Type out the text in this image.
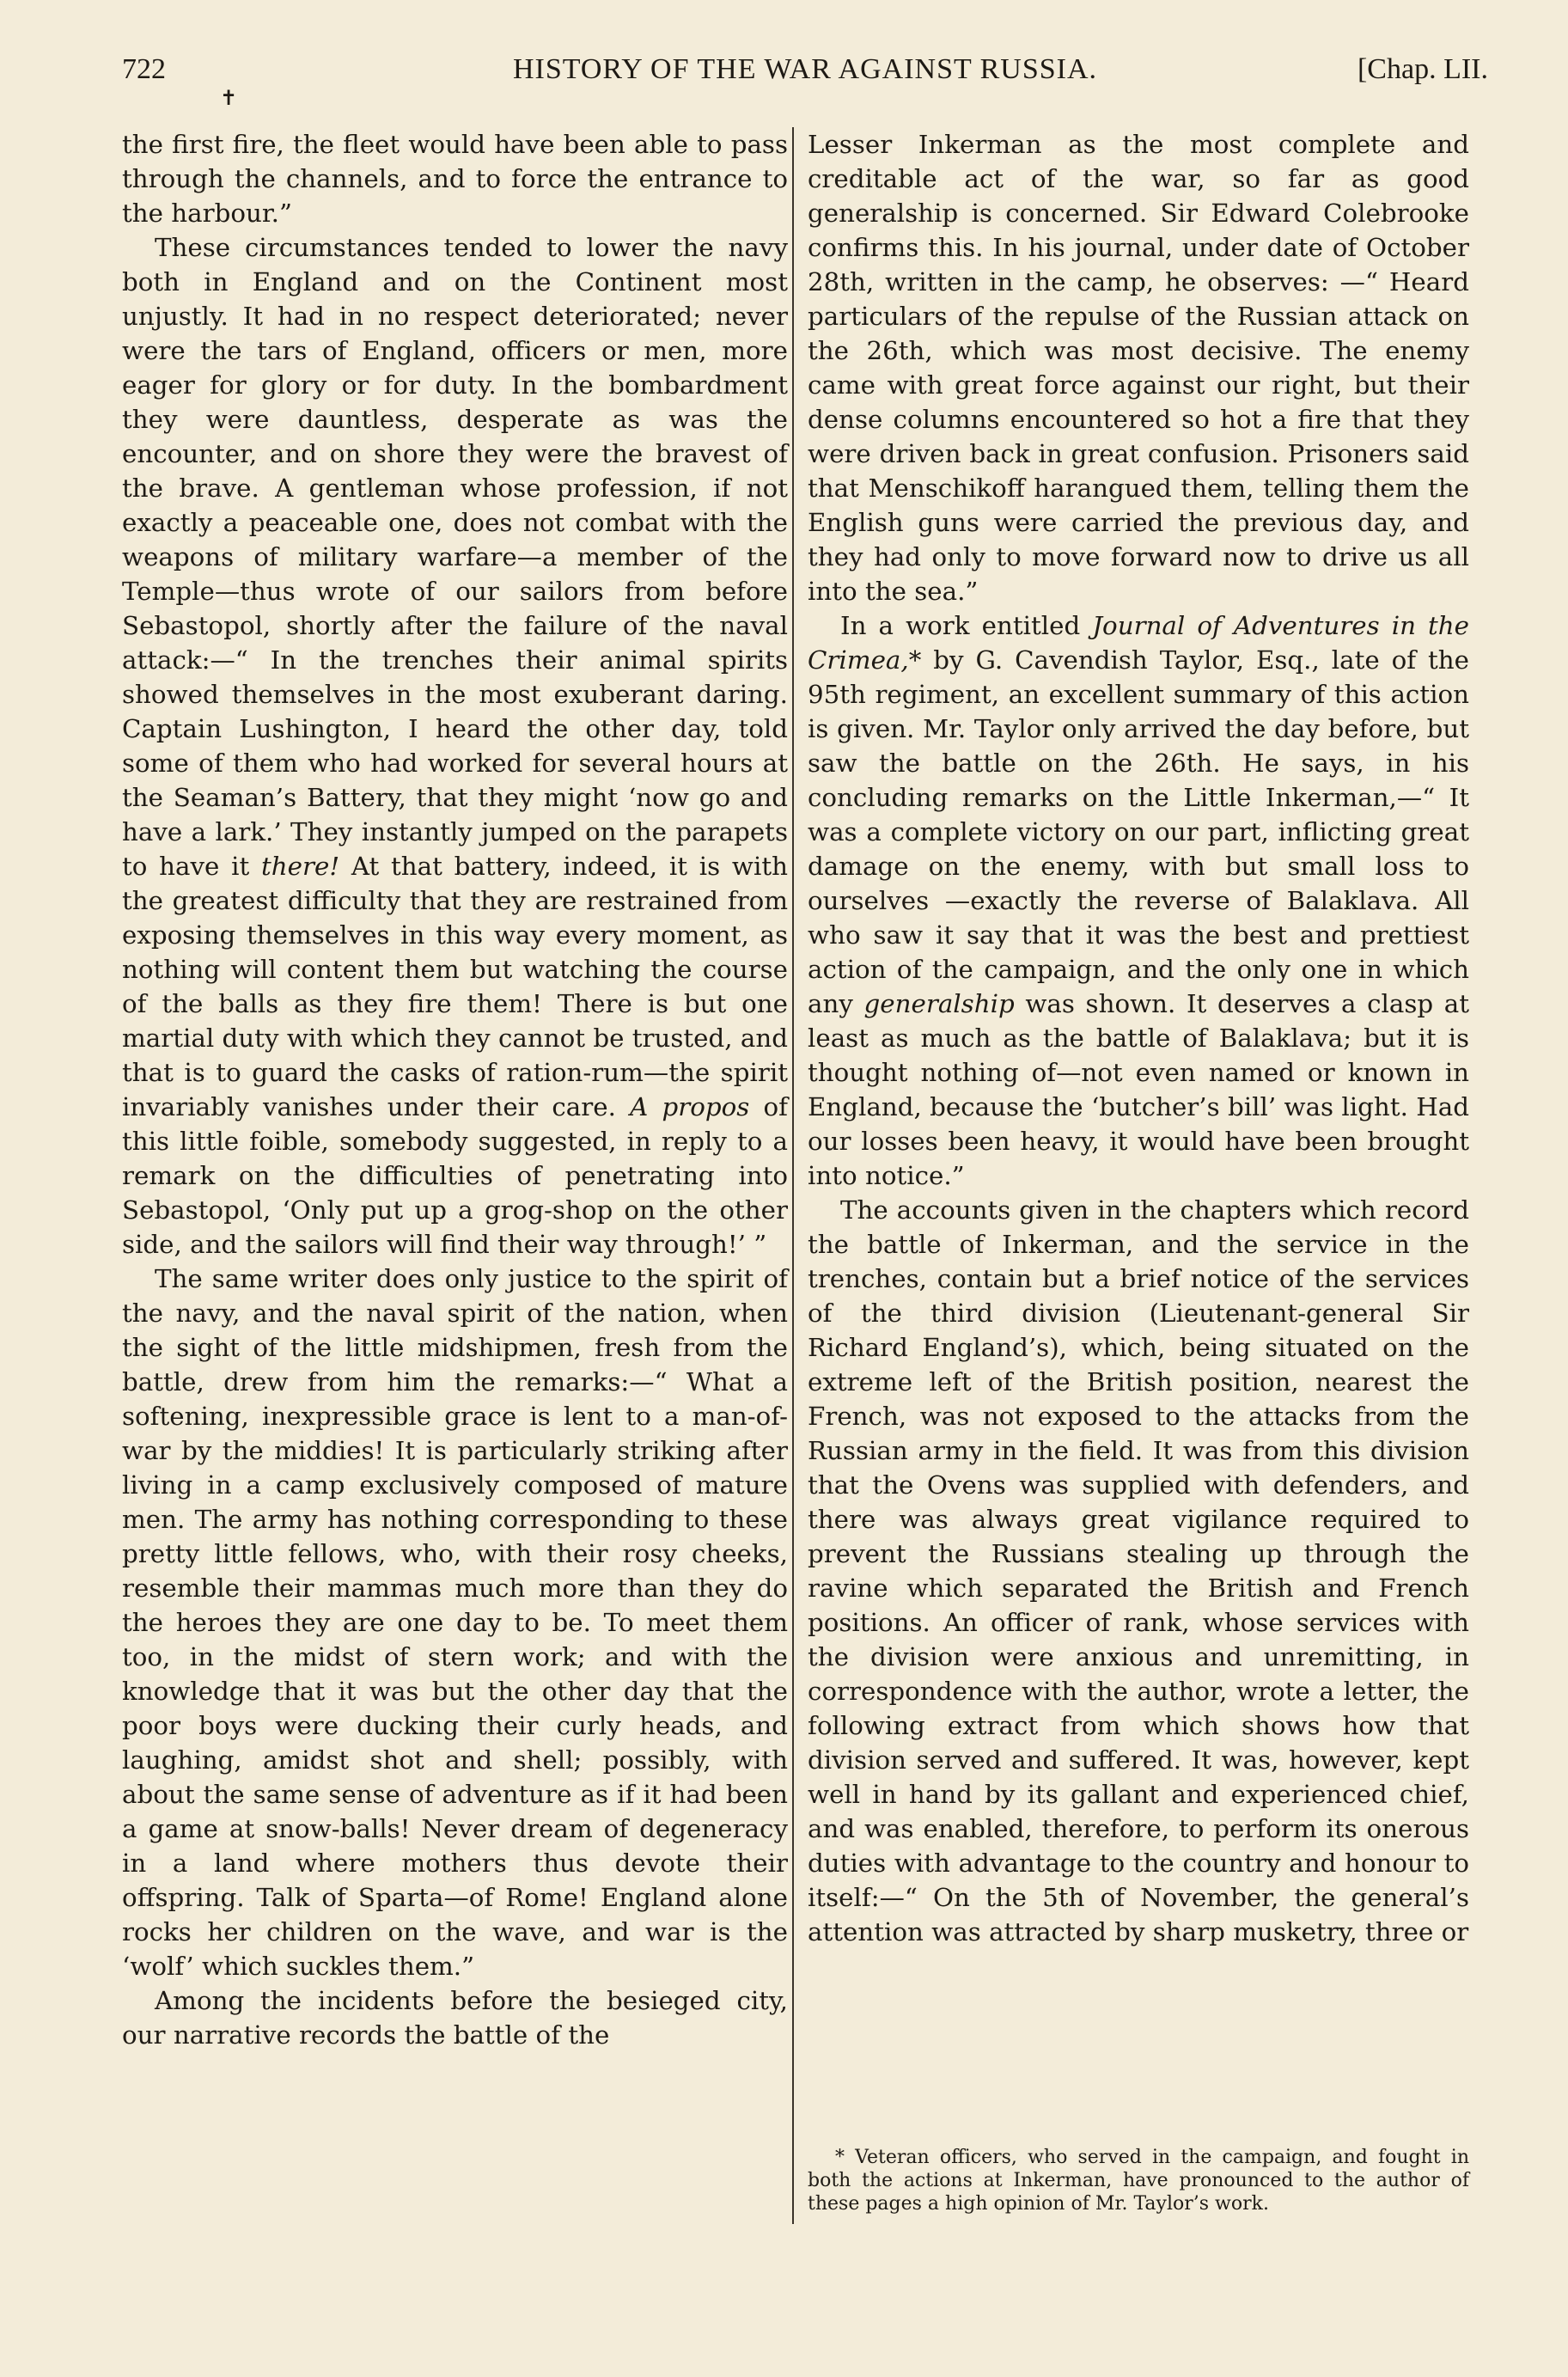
722
✝
HISTORY OF THE WAR AGAINST RUSSIA.	[Chap. LII.

the first fire, the fleet would have been able to pass through the channels, and to force the entrance to the harbour.”

These circumstances tended to lower the navy both in England and on the Continent most unjustly. It had in no respect deteriorated; never were the tars of England, officers or men, more eager for glory or for duty. In the bombardment they were dauntless, desperate as was the encounter, and on shore they were the bravest of the brave. A gentleman whose profession, if not exactly a peaceable one, does not combat with the weapons of military warfare—a member of the Temple—thus wrote of our sailors from before Sebastopol, shortly after the failure of the naval attack:—“ In the trenches their animal spirits showed themselves in the most exuberant daring. Captain Lushington, I heard the other day, told some of them who had worked for several hours at the Seaman’s Battery, that they might ‘now go and have a lark.’ They instantly jumped on the parapets to have it there! At that battery, indeed, it is with the greatest difficulty that they are restrained from exposing themselves in this way every moment, as nothing will content them but watching the course of the balls as they fire them! There is but one martial duty with which they cannot be trusted, and that is to guard the casks of ration-rum—the spirit invariably vanishes under their care. A propos of this little foible, somebody suggested, in reply to a remark on the difficulties of penetrating into Sebastopol, ‘Only put up a grog-shop on the other side, and the sailors will find their way through!’ ”

The same writer does only justice to the spirit of the navy, and the naval spirit of the nation, when the sight of the little midshipmen, fresh from the battle, drew from him the remarks:—“ What a softening, inexpressible grace is lent to a man-of-war by the middies! It is particularly striking after living in a camp exclusively composed of mature men. The army has nothing corresponding to these pretty little fellows, who, with their rosy cheeks, resemble their mammas much more than they do the heroes they are one day to be. To meet them too, in the midst of stern work; and with the knowledge that it was but the other day that the poor boys were ducking their curly heads, and laughing, amidst shot and shell; possibly, with about the same sense of adventure as if it had been a game at snow-balls! Never dream of degeneracy in a land where mothers thus devote their offspring. Talk of Sparta—of Rome! England alone rocks her children on the wave, and war is the ‘wolf’ which suckles them.”

Among the incidents before the besieged city, our narrative records the battle of the

Lesser Inkerman as the most complete and creditable act of the war, so far as good generalship is concerned. Sir Edward Colebrooke confirms this. In his journal, under date of October 28th, written in the camp, he observes: —“ Heard particulars of the repulse of the Russian attack on the 26th, which was most decisive. The enemy came with great force against our right, but their dense columns encountered so hot a fire that they were driven back in great confusion. Prisoners said that Menschikoff harangued them, telling them the English guns were carried the previous day, and they had only to move forward now to drive us all into the sea.”

In a work entitled Journal of Adventures in the Crimea,* by G. Cavendish Taylor, Esq., late of the 95th regiment, an excellent summary of this action is given. Mr. Taylor only arrived the day before, but saw the battle on the 26th. He says, in his concluding remarks on the Little Inkerman,—“ It was a complete victory on our part, inflicting great damage on the enemy, with but small loss to ourselves —exactly the reverse of Balaklava. All who saw it say that it was the best and prettiest action of the campaign, and the only one in which any generalship was shown. It deserves a clasp at least as much as the battle of Balaklava; but it is thought nothing of—not even named or known in England, because the ‘butcher’s bill’ was light. Had our losses been heavy, it would have been brought into notice.”

The accounts given in the chapters which record the battle of Inkerman, and the service in the trenches, contain but a brief notice of the services of the third division (Lieutenant-general Sir Richard England’s), which, being situated on the extreme left of the British position, nearest the French, was not exposed to the attacks from the Russian army in the field. It was from this division that the Ovens was supplied with defenders, and there was always great vigilance required to prevent the Russians stealing up through the ravine which separated the British and French positions. An officer of rank, whose services with the division were anxious and unremitting, in correspondence with the author, wrote a letter, the following extract from which shows how that division served and suffered. It was, however, kept well in hand by its gallant and experienced chief, and was enabled, therefore, to perform its onerous duties with advantage to the country and honour to itself:—“ On the 5th of November, the general’s attention was attracted by sharp musketry, three or

* Veteran officers, who served in the campaign, and fought in both the actions at Inkerman, have pronounced to the author of these pages a high opinion of Mr. Taylor’s work.
